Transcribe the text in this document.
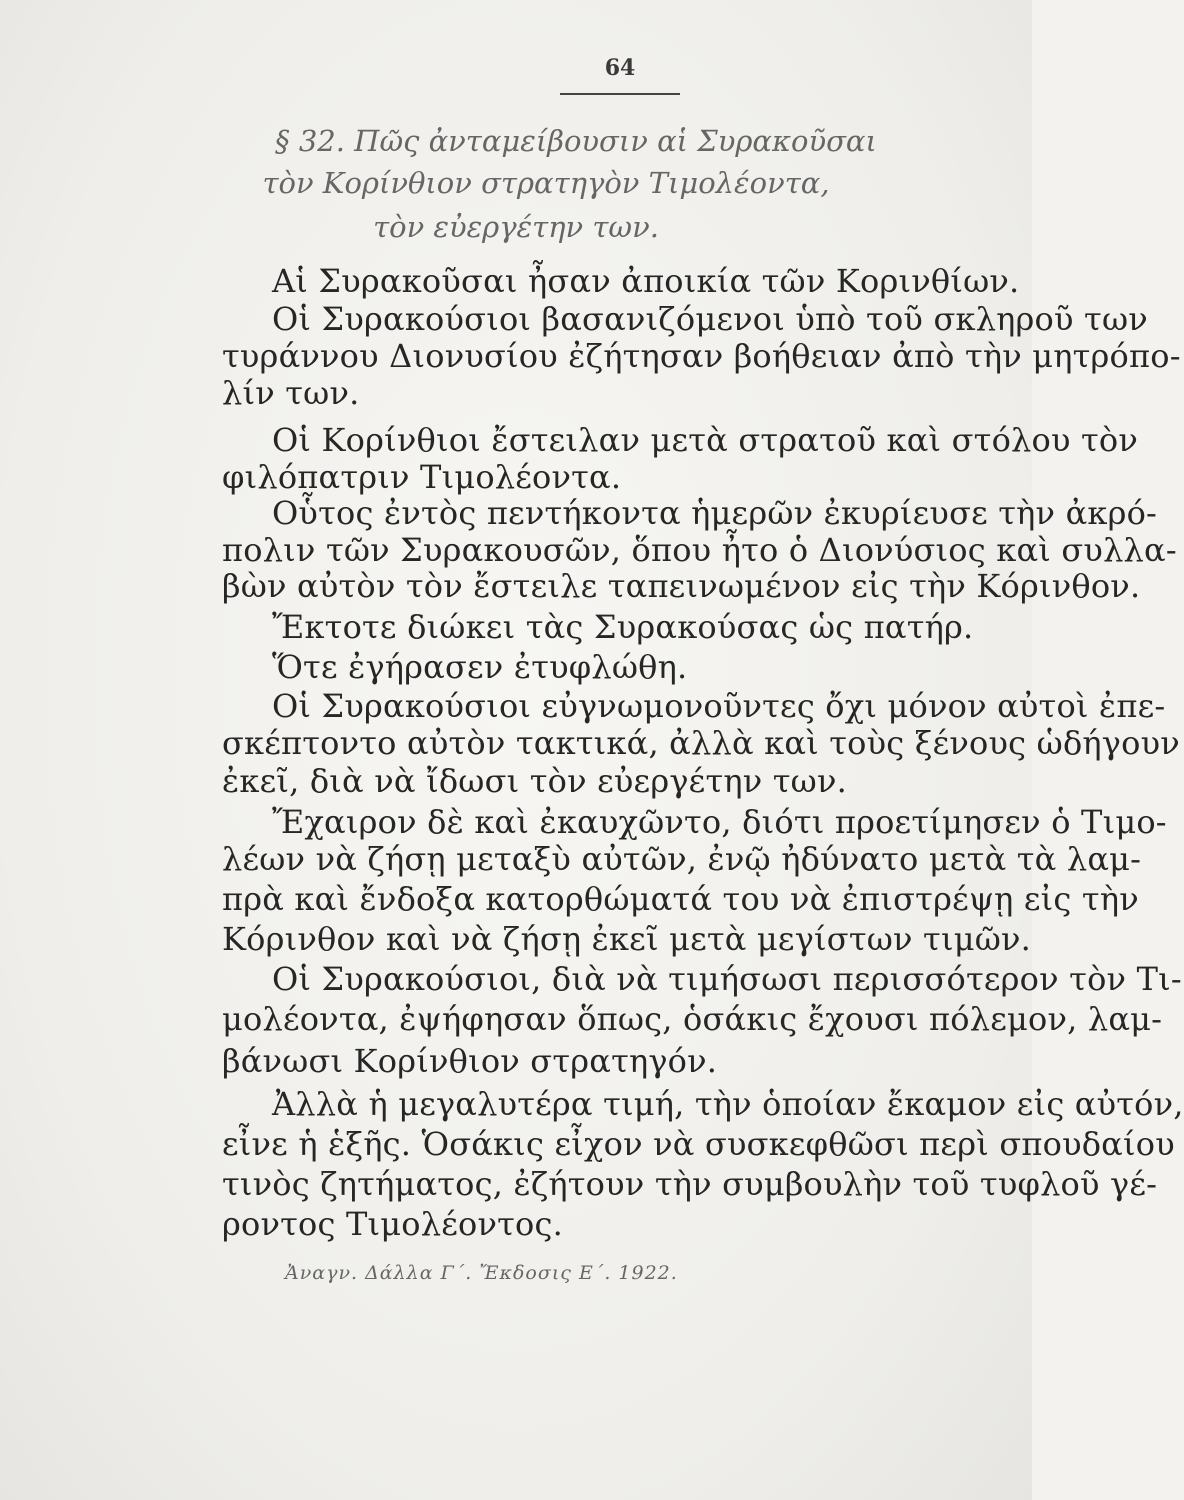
64
§ 32. Πῶς ἀνταμείβουσιν αἱ Συρακοῦσαι
τὸν Κορίνθιον στρατηγὸν Τιμολέοντα,
τὸν εὐεργέτην των.
Αἱ Συρακοῦσαι ἦσαν ἀποικία τῶν Κορινθίων.
Οἱ Συρακούσιοι βασανιζόμενοι ὑπὸ τοῦ σκληροῦ των
τυράννου Διονυσίου ἐζήτησαν βοήθειαν ἀπὸ τὴν μητρόπο-
λίν των.
Οἱ Κορίνθιοι ἔστειλαν μετὰ στρατοῦ καὶ στόλου τὸν
φιλόπατριν Τιμολέοντα.
Οὗτος ἐντὸς πεντήκοντα ἡμερῶν ἐκυρίευσε τὴν ἀκρό-
πολιν τῶν Συρακουσῶν, ὅπου ἦτο ὁ Διονύσιος καὶ συλλα-
βὼν αὐτὸν τὸν ἔστειλε ταπεινωμένον εἰς τὴν Κόρινθον.
Ἔκτοτε διώκει τὰς Συρακούσας ὡς πατήρ.
Ὅτε ἐγήρασεν ἐτυφλώθη.
Οἱ Συρακούσιοι εὐγνωμονοῦντες ὄχι μόνον αὐτοὶ ἐπε-
σκέπτοντο αὐτὸν τακτικά, ἀλλὰ καὶ τοὺς ξένους ὡδήγουν
ἐκεῖ, διὰ νὰ ἴδωσι τὸν εὐεργέτην των.
Ἔχαιρον δὲ καὶ ἐκαυχῶντο, διότι προετίμησεν ὁ Τιμο-
λέων νὰ ζήσῃ μεταξὺ αὐτῶν, ἐνῷ ἠδύνατο μετὰ τὰ λαμ-
πρὰ καὶ ἔνδοξα κατορθώματά του νὰ ἐπιστρέψῃ εἰς τὴν
Κόρινθον καὶ νὰ ζήσῃ ἐκεῖ μετὰ μεγίστων τιμῶν.
Οἱ Συρακούσιοι, διὰ νὰ τιμήσωσι περισσότερον τὸν Τι-
μολέοντα, ἐψήφησαν ὅπως, ὁσάκις ἔχουσι πόλεμον, λαμ-
βάνωσι Κορίνθιον στρατηγόν.
Ἀλλὰ ἡ μεγαλυτέρα τιμή, τὴν ὁποίαν ἔκαμον εἰς αὐτόν,
εἶνε ἡ ἑξῆς. Ὁσάκις εἶχον νὰ συσκεφθῶσι περὶ σπουδαίου
τινὸς ζητήματος, ἐζήτουν τὴν συμβουλὴν τοῦ τυφλοῦ γέ-
ροντος Τιμολέοντος.
Ἀναγν. Δάλλα Γ΄. Ἔκδοσις Ε΄. 1922.
